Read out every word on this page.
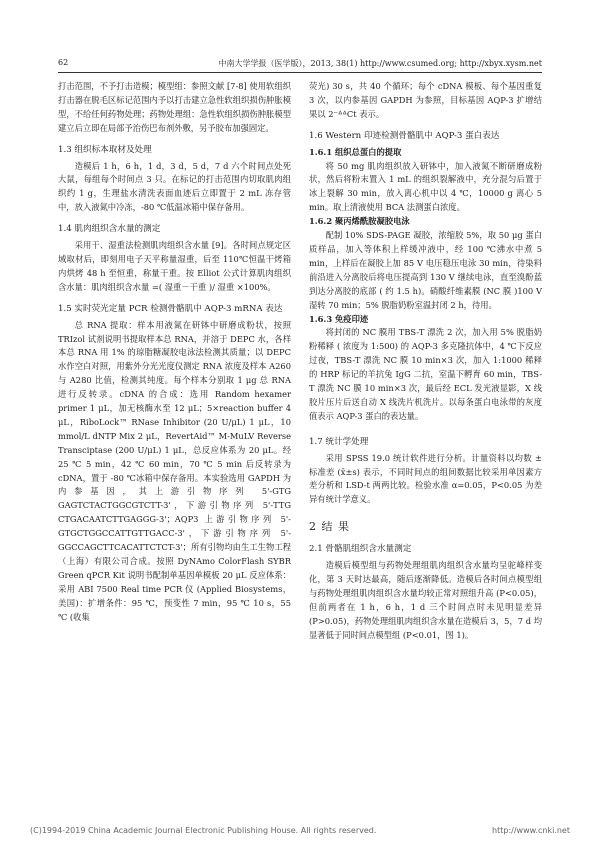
62	中南大学学报（医学版），2013, 38(1) http://www.csumed.org; http://xbyx.xysm.net

打击范围，不予打击造模；模型组：参照文献 [7-8] 使用软组织打击器在脱毛区标记范围内予以打击建立急性软组织损伤肿胀模型，不给任何药物处理；药物处理组：急性软组织损伤肿胀模型建立后立即在局部予治伤巴布剂外敷，另予胶布加强固定。

1.3 组织标本取材及处理

造模后 1 h，6 h，1 d，3 d，5 d，7 d 六个时间点处死大鼠，每组每个时间点 3 只。在标记的打击范围内切取肌肉组织约 1 g，生理盐水清洗表面血迹后立即置于 2 mL 冻存管中，放入液氮中冷冻，-80 ℃低温冰箱中保存备用。

1.4 肌肉组织含水量的测定

采用干、湿重法检测肌肉组织含水量 [9]。各时间点规定区域取材后，即刻用电子天平称量湿重，后至 110℃恒温干烤箱内烘烤 48 h 至恒重，称量干重。按 Elliot 公式计算肌肉组织含水量：肌肉组织含水量 =( 湿重－干重 )/ 湿重 ×100%。

1.5 实时荧光定量 PCR 检测骨骼肌中 AQP-3 mRNA 表达

总 RNA 提取：样本用液氮在研钵中研磨成粉状，按照 TRIzol 试剂说明书提取样本总 RNA，并溶于 DEPC 水，各样本总 RNA 用 1% 的琼脂糖凝胶电泳法检测其质量；以 DEPC 水作空白对照，用紫外分光光度仪测定 RNA 浓度及样本 A260 与 A280 比值，检测其纯度。每个样本分别取 1 μg 总 RNA 进行反转录。cDNA 的合成：选用 Random hexamer primer 1 μL，加无核酶水至 12 μL；5×reaction buffer 4 μL，RiboLock™ RNase Inhibitor (20 U/μL) 1 μL，10 mmol/L dNTP Mix 2 μL，RevertAid™ M-MuLV Reverse Transciptase (200 U/μL) 1 μL，总反应体系为 20 μL。经 25 ℃ 5 min，42 ℃ 60 min，70 ℃ 5 min 后反转录为 cDNA，置于 -80 ℃冰箱中保存备用。本实验选用 GAPDH 为内参基因，其上游引物序列 5'-GTG GAGTCTACTGGCGTCTT-3'，下游引物序列 5'-TTG CTGACAATCTTGAGGG-3'；AQP3 上游引物序列 5'-GTGCTGGCCATTGTTGACC-3'，下游引物序列 5'-GGCCAGCTTCACATTCTCT-3'；所有引物均由生工生物工程（上海）有限公司合成。按照 DyNAmo ColorFlash SYBR Green qPCR Kit 说明书配制单基因单模板 20 μL 反应体系：采用 ABI 7500 Real time PCR 仪 (Applied Biosystems，美国)：扩增条件：95 ℃，预变性 7 min，95 ℃ 10 s，55 ℃ (收集

荧光) 30 s，共 40 个循环；每个 cDNA 模板、每个基因重复 3 次，以内参基因 GAPDH 为参照，目标基因 AQP-3 扩增结果以 2⁻ᐞᐞCt 表示。

1.6 Western 印迹检测骨骼肌中 AQP-3 蛋白表达
1.6.1 组织总蛋白的提取

将 50 mg 肌肉组织放入研钵中，加入液氮不断研磨成粉状，然后将粉末置入 1 mL 的组织裂解液中，充分混匀后置于冰上裂解 30 min，放入离心机中以 4 ℃，10000 g 离心 5 min。取上清液使用 BCA 法测蛋白浓度。

1.6.2 聚丙烯酰胺凝胶电泳

配制 10% SDS-PAGE 凝胶，浓缩胶 5%，取 50 μg 蛋白质样品，加入等体积上样缓冲液中，经 100 ℃沸水中煮 5 min，上样后在凝胶上加 85 V 电压稳压电泳 30 min，待染料前沿进入分离胶后将电压提高到 130 V 继续电泳，直至溴酚蓝到达分离胶的底部 ( 约 1.5 h)。硝酸纤维素膜 (NC 膜 )100 V 湿转 70 min；5% 脱脂奶粉室温封闭 2 h，待用。

1.6.3 免疫印迹

将封闭的 NC 膜用 TBS-T 漂洗 2 次，加入用 5% 脱脂奶粉稀释 ( 浓度为 1:500) 的 AQP-3 多克隆抗体中，4 ℃下反应过夜，TBS-T 漂洗 NC 膜 10 min×3 次，加入 1:1000 稀释的 HRP 标记的羊抗兔 IgG 二抗，室温下孵育 60 min，TBS-T 漂洗 NC 膜 10 min×3 次，最后经 ECL 发光液显影，X 线胶片压片后送自动 X 线洗片机洗片。以每条蛋白电泳带的灰度值表示 AQP-3 蛋白的表达量。

1.7 统计学处理

采用 SPSS 19.0 统计软件进行分析。计量资料以均数 ± 标准差 (x̄±s) 表示，不同时间点的组间数据比较采用单因素方差分析和 LSD-t 两两比较。检验水准 α=0.05，P<0.05 为差异有统计学意义。

2 结 果
2.1 骨骼肌组织含水量测定

造模后模型组与药物处理组肌肉组织含水量均呈驼峰样变化，第 3 天时达最高，随后逐渐降低。造模后各时间点模型组与药物处理组肌肉组织含水量均较正常对照组升高 (P<0.05)，但前两者在 1 h，6 h，1 d 三个时间点时未见明显差异 (P>0.05)，药物处理组肌肉组织含水量在造模后 3，5，7 d 均显著低于同时间点模型组 (P<0.01，图 1)。

(C)1994-2019 China Academic Journal Electronic Publishing House. All rights reserved.	http://www.cnki.net
